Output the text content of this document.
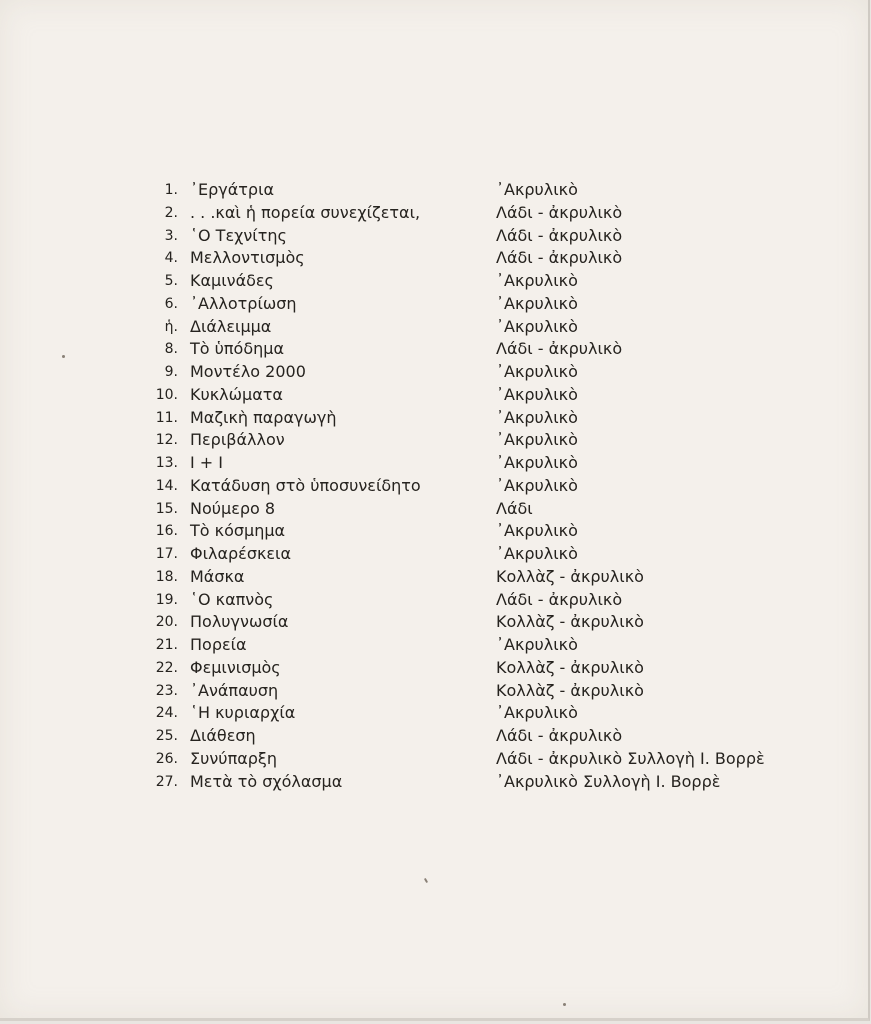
1. ᾿Εργάτρια	᾿Ακρυλικὸ
2. . . .καὶ ἡ πορεία συνεχίζεται,	Λάδι - ἀκρυλικὸ
3. ῾Ο Τεχνίτης	Λάδι - ἀκρυλικὸ
4. Μελλοντισμὸς	Λάδι - ἀκρυλικὸ
5. Καμινάδες	᾿Ακρυλικὸ
6. ᾿Αλλοτρίωση	᾿Ακρυλικὸ
ἡ. Διάλειμμα	᾿Ακρυλικὸ
8. Τὸ ὑπόδημα	Λάδι - ἀκρυλικὸ
9. Μοντέλο 2000	᾿Ακρυλικὸ
10. Κυκλώματα	᾿Ακρυλικὸ
11. Μαζικὴ παραγωγὴ	᾿Ακρυλικὸ
12. Περιβάλλον	᾿Ακρυλικὸ
13. Ι + Ι	᾿Ακρυλικὸ
14. Κατάδυση στὸ ὑποσυνείδητο	᾿Ακρυλικὸ
15. Νούμερο 8	Λάδι
16. Τὸ κόσμημα	᾿Ακρυλικὸ
17. Φιλαρέσκεια	᾿Ακρυλικὸ
18. Μάσκα	Κολλὰζ - ἀκρυλικὸ
19. ῾Ο καπνὸς	Λάδι - ἀκρυλικὸ
20. Πολυγνωσία	Κολλὰζ - ἀκρυλικὸ
21. Πορεία	᾿Ακρυλικὸ
22. Φεμινισμὸς	Κολλὰζ - ἀκρυλικὸ
23. ᾿Ανάπαυση	Κολλὰζ - ἀκρυλικὸ
24. ῾Η κυριαρχία	᾿Ακρυλικὸ
25. Διάθεση	Λάδι - ἀκρυλικὸ
26. Συνύπαρξη	Λάδι - ἀκρυλικὸ Συλλογὴ Ι. Βορρὲ
27. Μετὰ τὸ σχόλασμα	᾿Ακρυλικὸ Συλλογὴ Ι. Βορρὲ
